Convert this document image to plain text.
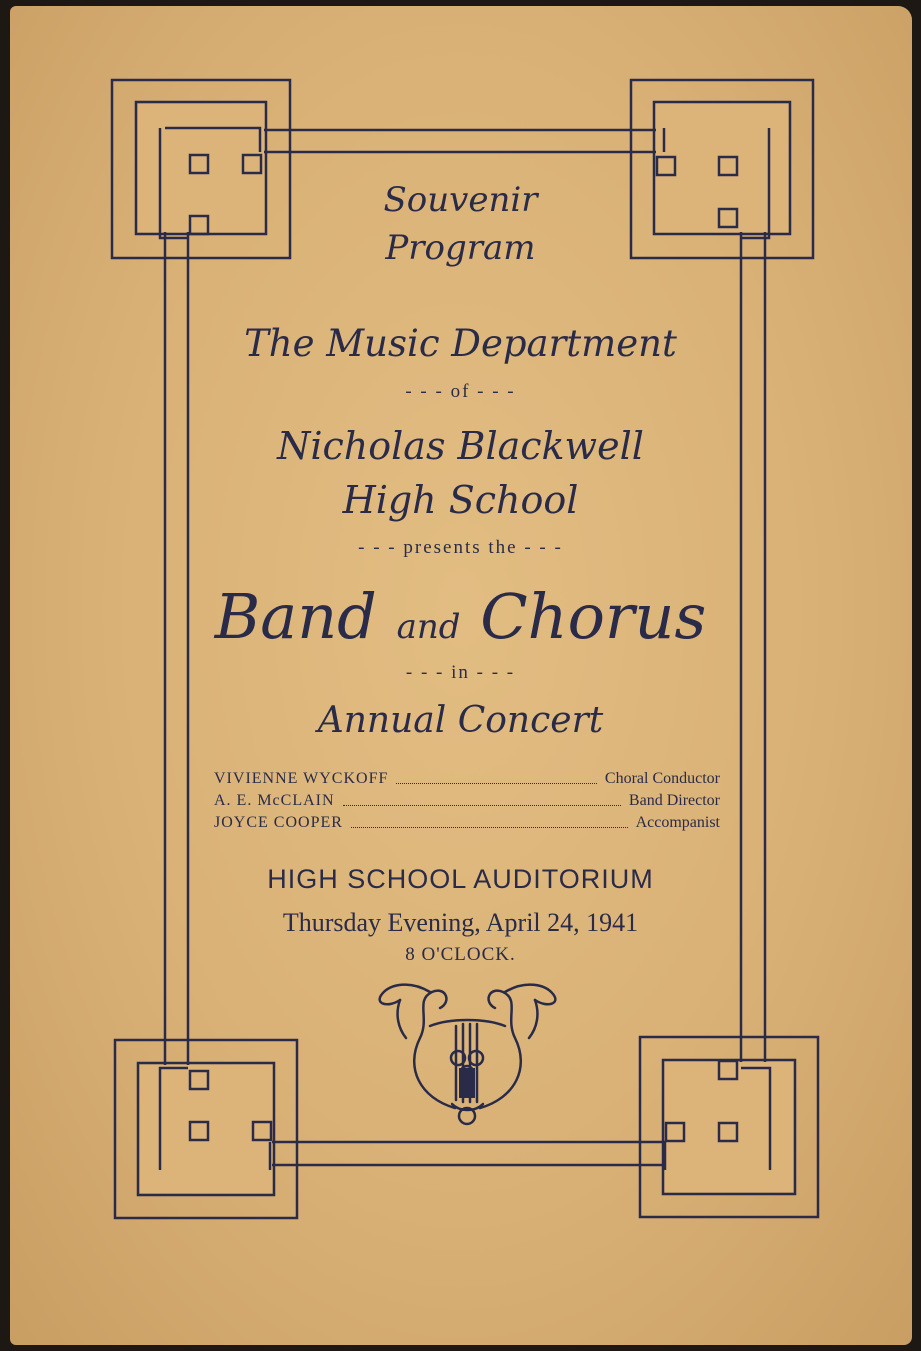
Souvenir
Program
The Music Department
- - - of - - -
Nicholas Blackwell
High School
- - - presents the - - -
Band and Chorus
- - - in - - -
Annual Concert
VIVIENNE WYCKOFF	Choral Conductor
A. E. McCLAIN	Band Director
JOYCE COOPER	Accompanist
HIGH SCHOOL AUDITORIUM
Thursday Evening, April 24, 1941
8 O'CLOCK.
